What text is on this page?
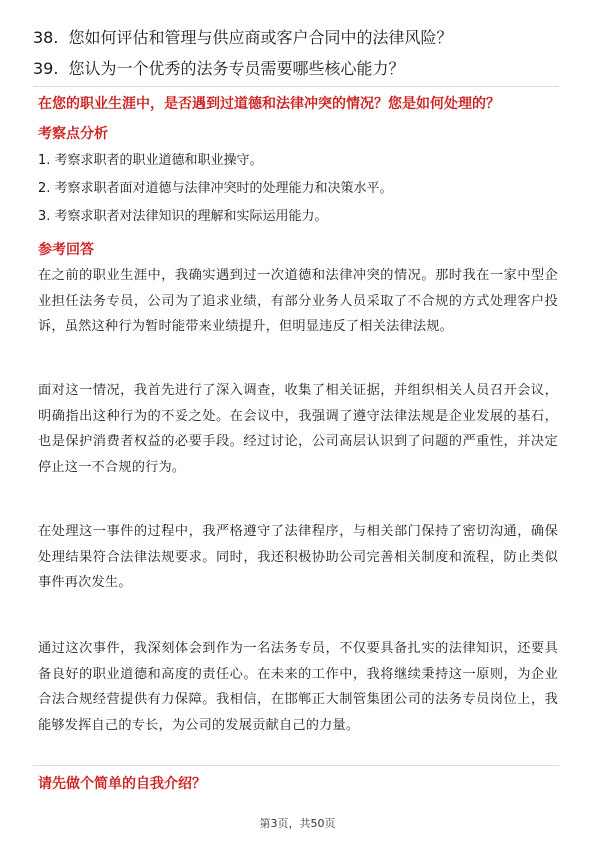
38. 您如何评估和管理与供应商或客户合同中的法律风险？
39. 您认为一个优秀的法务专员需要哪些核心能力？
在您的职业生涯中，是否遇到过道德和法律冲突的情况？您是如何处理的？
考察点分析
1. 考察求职者的职业道德和职业操守。
2. 考察求职者面对道德与法律冲突时的处理能力和决策水平。
3. 考察求职者对法律知识的理解和实际运用能力。
参考回答
在之前的职业生涯中，我确实遇到过一次道德和法律冲突的情况。那时我在一家中型企业担任法务专员，公司为了追求业绩，有部分业务人员采取了不合规的方式处理客户投诉，虽然这种行为暂时能带来业绩提升，但明显违反了相关法律法规。
面对这一情况，我首先进行了深入调查，收集了相关证据，并组织相关人员召开会议，明确指出这种行为的不妥之处。在会议中，我强调了遵守法律法规是企业发展的基石，也是保护消费者权益的必要手段。经过讨论，公司高层认识到了问题的严重性，并决定停止这一不合规的行为。
在处理这一事件的过程中，我严格遵守了法律程序，与相关部门保持了密切沟通，确保处理结果符合法律法规要求。同时，我还积极协助公司完善相关制度和流程，防止类似事件再次发生。
通过这次事件，我深刻体会到作为一名法务专员，不仅要具备扎实的法律知识，还要具备良好的职业道德和高度的责任心。在未来的工作中，我将继续秉持这一原则，为企业合法合规经营提供有力保障。我相信，在邯郸正大制管集团公司的法务专员岗位上，我能够发挥自己的专长，为公司的发展贡献自己的力量。
请先做个简单的自我介绍？
第3页，共50页
